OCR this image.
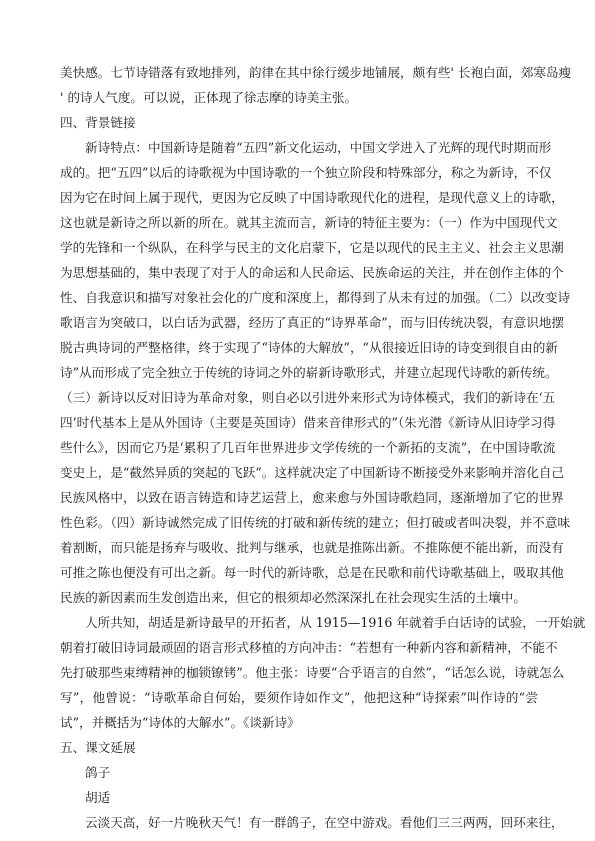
美快感。七节诗错落有致地排列，韵律在其中徐行缓步地铺展，颇有些' 长袍白面，郊寒岛瘦
' 的诗人气度。可以说，正体现了徐志摩的诗美主张。
四、背景链接
新诗特点：中国新诗是随着“五四”新文化运动，中国文学进入了光辉的现代时期而形
成的。把“五四”以后的诗歌视为中国诗歌的一个独立阶段和特殊部分，称之为新诗，不仅
因为它在时间上属于现代，更因为它反映了中国诗歌现代化的进程，是现代意义上的诗歌，
这也就是新诗之所以新的所在。就其主流而言，新诗的特征主要为：（一）作为中国现代文
学的先锋和一个纵队，在科学与民主的文化启蒙下，它是以现代的民主主义、社会主义思潮
为思想基础的，集中表现了对于人的命运和人民命运、民族命运的关注，并在创作主体的个
性、自我意识和描写对象社会化的广度和深度上，都得到了从未有过的加强。（二）以改变诗
歌语言为突破口，以白话为武器，经历了真正的“诗界革命”，而与旧传统决裂，有意识地摆
脱古典诗词的严整格律，终于实现了“诗体的大解放”，“从很接近旧诗的诗变到很自由的新
诗”从而形成了完全独立于传统的诗词之外的崭新诗歌形式，并建立起现代诗歌的新传统。
（三）新诗以反对旧诗为革命对象，则自必以引进外来形式为诗体模式，我们的新诗在‘五
四’时代基本上是从外国诗（主要是英国诗）借来音律形式的”（朱光潜《新诗从旧诗学习得
些什么》，因而它乃是‘累积了几百年世界进步文学传统的一个新拓的支流”，在中国诗歌流
变史上，是“截然异质的突起的飞跃”。这样就决定了中国新诗不断接受外来影响并溶化自己
民族风格中，以致在语言铸造和诗艺运营上，愈来愈与外国诗歌趋同，逐渐增加了它的世界
性色彩。（四）新诗诚然完成了旧传统的打破和新传统的建立；但打破或者叫决裂，并不意味
着割断，而只能是扬弃与吸收、批判与继承，也就是推陈出新。不推陈便不能出新，而没有
可推之陈也便没有可出之新。每一时代的新诗歌，总是在民歌和前代诗歌基础上，吸取其他
民族的新因素而生发创造出来，但它的根须却必然深深扎在社会现实生活的土壤中。
人所共知，胡适是新诗最早的开拓者，从 1915—1916 年就着手白话诗的试验，一开始就
朝着打破旧诗词最顽固的语言形式移植的方向冲击：“若想有一种新内容和新精神，不能不
先打破那些束缚精神的枷锁镣铐”。他主张：诗要“合乎语言的自然”，“话怎么说，诗就怎么
写”，他曾说：“诗歌革命自何始，要须作诗如作文”，他把这种“诗探索”叫作诗的“尝
试”，并概括为“诗体的大解水”。《谈新诗》
五、课文延展
鸽子
胡适
云淡天高，好一片晚秋天气！有一群鸽子，在空中游戏。看他们三三两两，回环来往，
